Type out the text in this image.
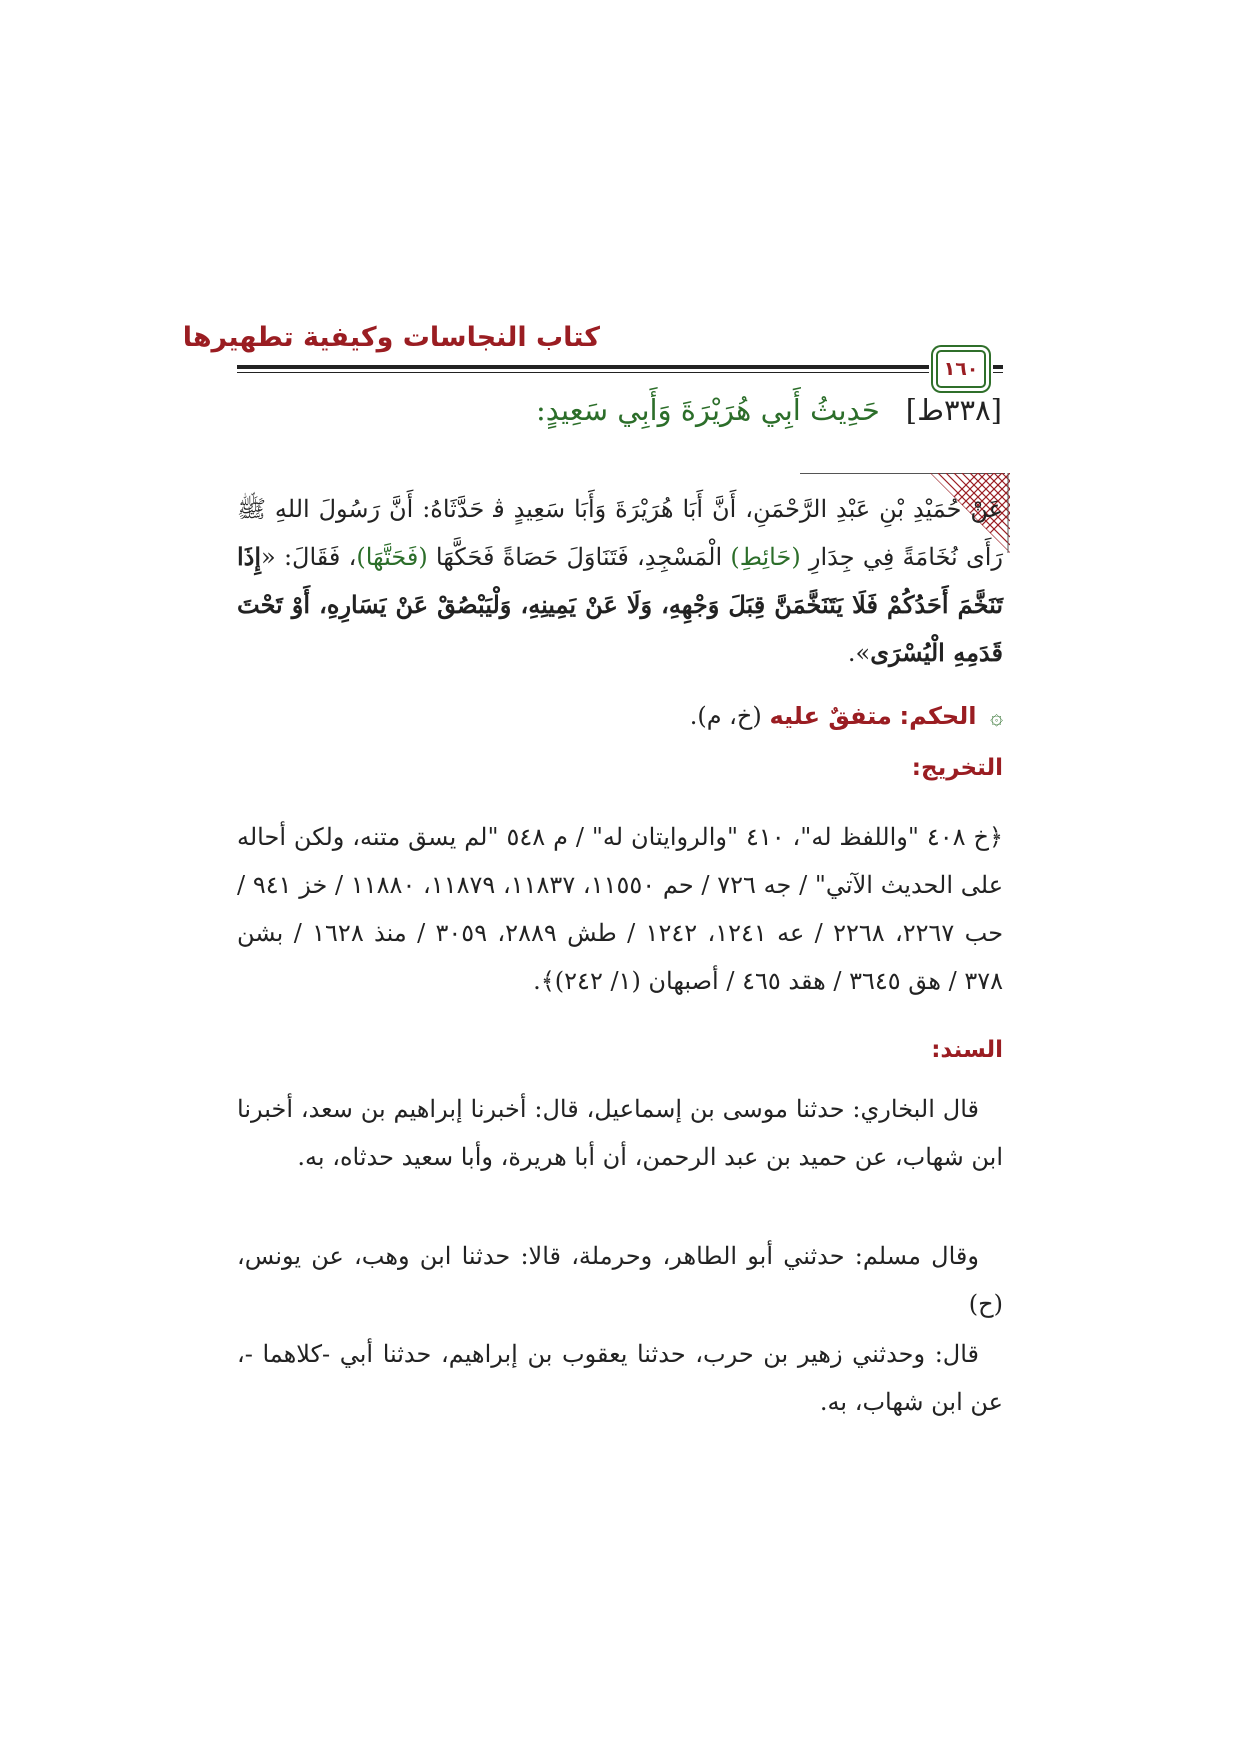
كتاب النجاسات وكيفية تطهيرها
١٦٠
[٣٣٨ط]حَدِيثُ أَبِي هُرَيْرَةَ وَأَبِي سَعِيدٍ:

عَنْ حُمَيْدِ بْنِ عَبْدِ الرَّحْمَنِ، أَنَّ أَبَا هُرَيْرَةَ وَأَبَا سَعِيدٍ ﭬ حَدَّثَاهُ: أَنَّ رَسُولَ اللهِ ﷺ رَأَى نُخَامَةً فِي جِدَارِ (حَائِطِ) الْمَسْجِدِ، فَتَنَاوَلَ حَصَاةً فَحَكَّهَا (فَحَتَّهَا)، فَقَالَ: «إِذَا تَنَخَّمَ أَحَدُكُمْ فَلَا يَتَنَخَّمَنَّ قِبَلَ وَجْهِهِ، وَلَا عَنْ يَمِينِهِ، وَلْيَبْصُقْ عَنْ يَسَارِهِ، أَوْ تَحْتَ قَدَمِهِ الْيُسْرَى».

۞ الحكم: متفقٌ عليه (خ، م).
التخريج:

﴿خ ٤٠٨ "واللفظ له"، ٤١٠ "والروايتان له" / م ٥٤٨ "لم يسق متنه، ولكن أحاله على الحديث الآتي" / جه ٧٢٦ / حم ١١٥٥٠، ١١٨٣٧، ١١٨٧٩، ١١٨٨٠ / خز ٩٤١ / حب ٢٢٦٧، ٢٢٦٨ / عه ١٢٤١، ١٢٤٢ / طش ٢٨٨٩، ٣٠٥٩ / منذ ١٦٢٨ / بشن ٣٧٨ / هق ٣٦٤٥ / هقد ٤٦٥ / أصبهان (١/ ٢٤٢)﴾.

السند:

قال البخاري: حدثنا موسى بن إسماعيل، قال: أخبرنا إبراهيم بن سعد، أخبرنا ابن شهاب، عن حميد بن عبد الرحمن، أن أبا هريرة، وأبا سعيد حدثاه، به.

وقال مسلم: حدثني أبو الطاهر، وحرملة، قالا: حدثنا ابن وهب، عن يونس، (ح)

قال: وحدثني زهير بن حرب، حدثنا يعقوب بن إبراهيم، حدثنا أبي -كلاهما -، عن ابن شهاب، به.
